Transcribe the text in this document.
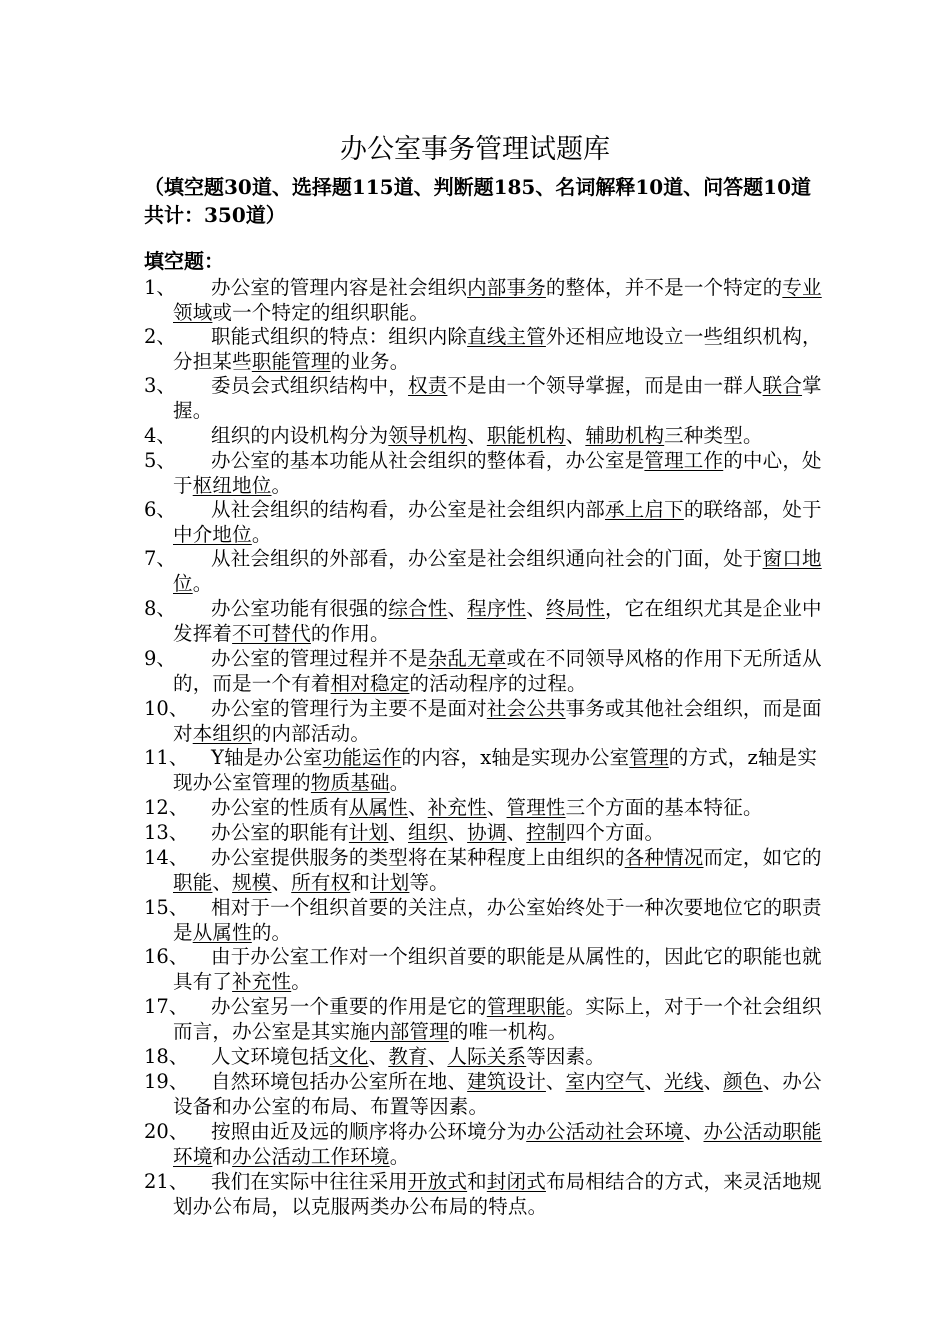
办公室事务管理试题库
（填空题30道、选择题115道、判断题185、名词解释10道、问答题10道 共计：350道）
填空题：
1、	办公室的管理内容是社会组织内部事务的整体，并不是一个特定的专业领域或一个特定的组织职能。
2、	职能式组织的特点：组织内除直线主管外还相应地设立一些组织机构，分担某些职能管理的业务。
3、	委员会式组织结构中，权责不是由一个领导掌握，而是由一群人联合掌握。
4、	组织的内设机构分为领导机构、职能机构、辅助机构三种类型。
5、	办公室的基本功能从社会组织的整体看，办公室是管理工作的中心，处于枢纽地位。
6、	从社会组织的结构看，办公室是社会组织内部承上启下的联络部，处于中介地位。
7、	从社会组织的外部看，办公室是社会组织通向社会的门面，处于窗口地位。
8、	办公室功能有很强的综合性、程序性、终局性，它在组织尤其是企业中发挥着不可替代的作用。
9、	办公室的管理过程并不是杂乱无章或在不同领导风格的作用下无所适从的，而是一个有着相对稳定的活动程序的过程。
10、	办公室的管理行为主要不是面对社会公共事务或其他社会组织，而是面对本组织的内部活动。
11、	Y轴是办公室功能运作的内容，x轴是实现办公室管理的方式，z轴是实现办公室管理的物质基础。
12、	办公室的性质有从属性、补充性、管理性三个方面的基本特征。
13、	办公室的职能有计划、组织、协调、控制四个方面。
14、	办公室提供服务的类型将在某种程度上由组织的各种情况而定，如它的职能、规模、所有权和计划等。
15、	相对于一个组织首要的关注点，办公室始终处于一种次要地位它的职责是从属性的。
16、	由于办公室工作对一个组织首要的职能是从属性的，因此它的职能也就具有了补充性。
17、	办公室另一个重要的作用是它的管理职能。实际上，对于一个社会组织而言，办公室是其实施内部管理的唯一机构。
18、	人文环境包括文化、教育、人际关系等因素。
19、	自然环境包括办公室所在地、建筑设计、室内空气、光线、颜色、办公设备和办公室的布局、布置等因素。
20、	按照由近及远的顺序将办公环境分为办公活动社会环境、办公活动职能环境和办公活动工作环境。
21、	我们在实际中往往采用开放式和封闭式布局相结合的方式，来灵活地规划办公布局，以克服两类办公布局的特点。
